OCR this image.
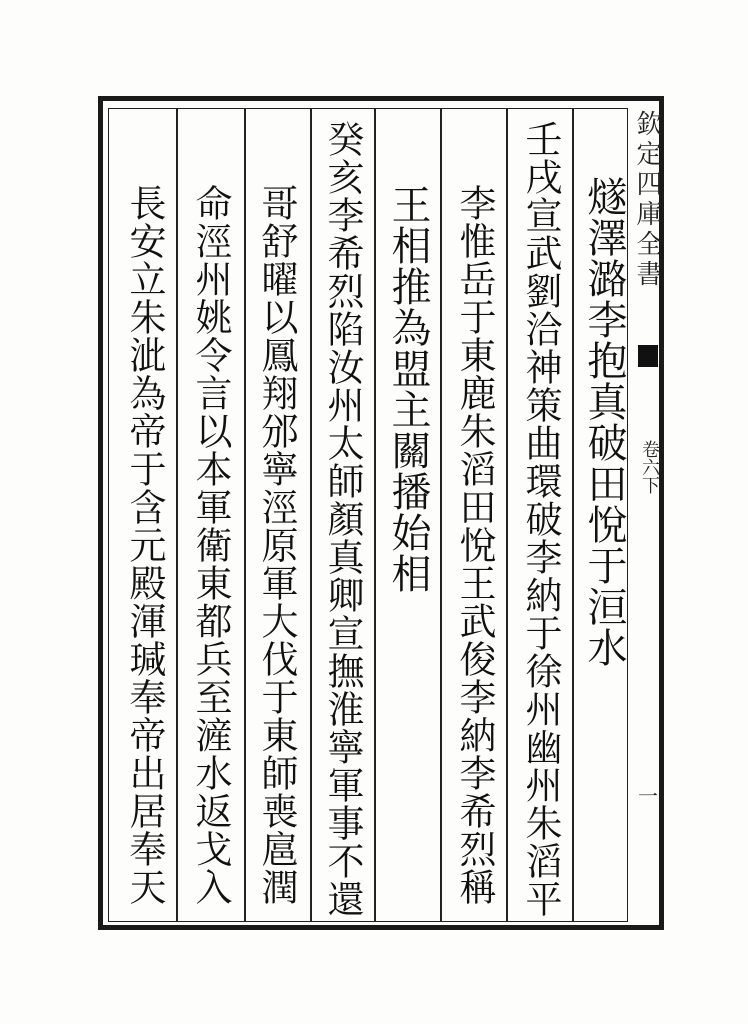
欽定四庫全書
卷六下
一
燧澤潞李抱真破田悅于洹水
壬戌宣武劉洽神策曲環破李納于徐州幽州朱滔平
李惟岳于東鹿朱滔田悅王武俊李納李希烈稱
王相推為盟主關播始相
癸亥李希烈陷汝州太師顏真卿宣撫淮寧軍事不還
哥舒曜以鳳翔邠寧涇原軍大伐于東師喪扈潤
命涇州姚令言以本軍衛東都兵至滻水返戈入
長安立朱泚為帝于含元殿渾瑊奉帝出居奉天
